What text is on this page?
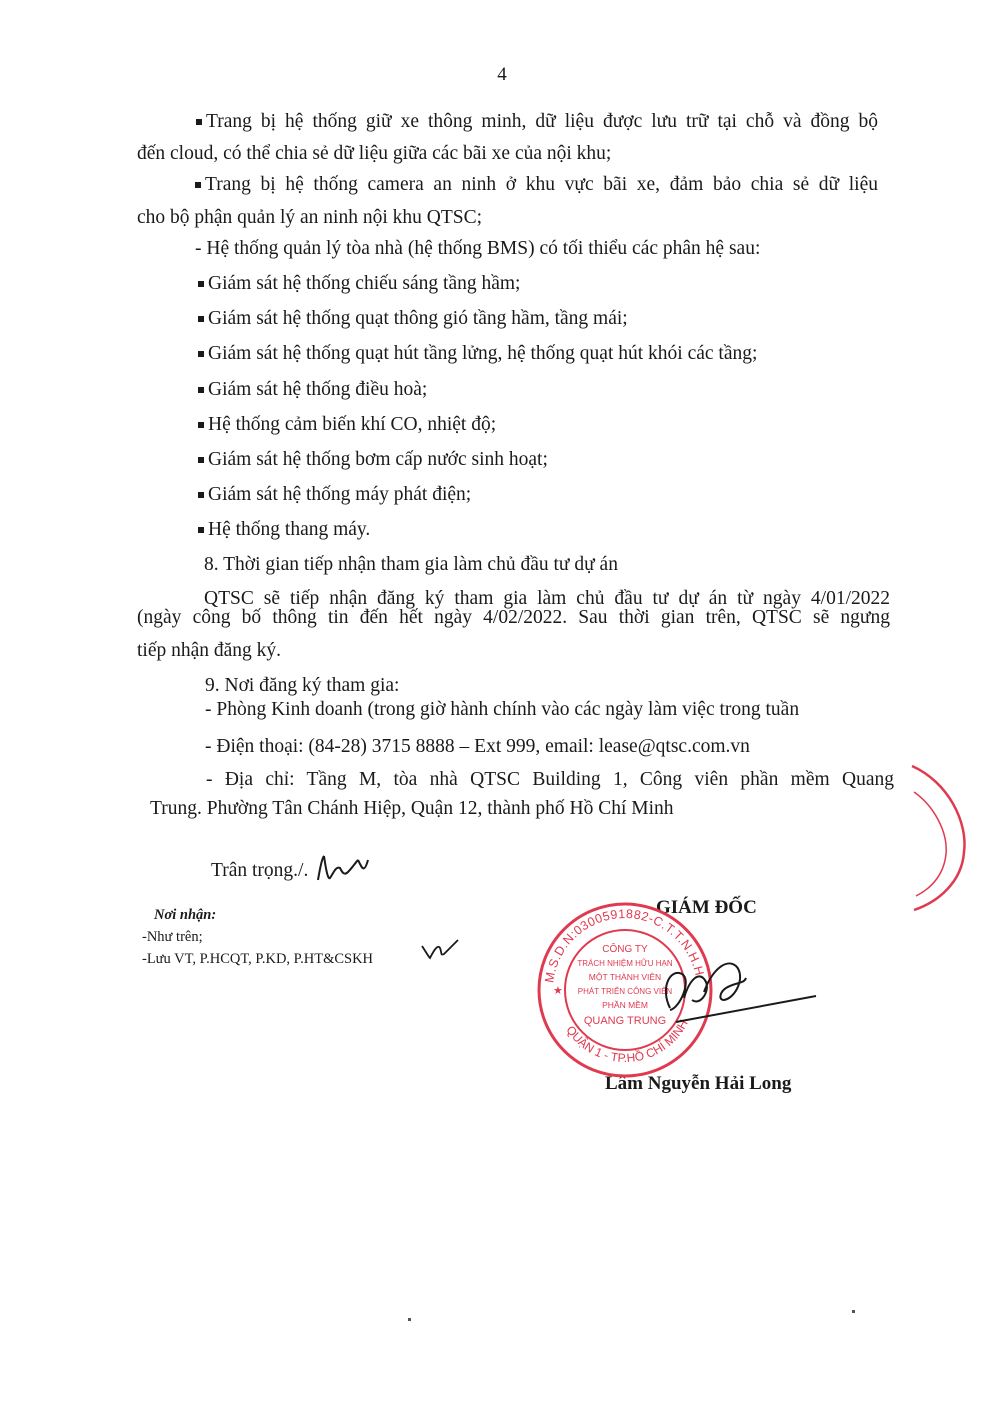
4
Trang bị hệ thống giữ xe thông minh, dữ liệu được lưu trữ tại chỗ và đồng bộ
đến cloud, có thể chia sẻ dữ liệu giữa các bãi xe của nội khu;
Trang bị hệ thống camera an ninh ở khu vực bãi xe, đảm bảo chia sẻ dữ liệu
cho bộ phận quản lý an ninh nội khu QTSC;
- Hệ thống quản lý tòa nhà (hệ thống BMS) có tối thiểu các phân hệ sau:
Giám sát hệ thống chiếu sáng tầng hầm;
Giám sát hệ thống quạt thông gió tầng hầm, tầng mái;
Giám sát hệ thống quạt hút tầng lửng, hệ thống quạt hút khói các tầng;
Giám sát hệ thống điều hoà;
Hệ thống cảm biến khí CO, nhiệt độ;
Giám sát hệ thống bơm cấp nước sinh hoạt;
Giám sát hệ thống máy phát điện;
Hệ thống thang máy.
8. Thời gian tiếp nhận tham gia làm chủ đầu tư dự án
QTSC sẽ tiếp nhận đăng ký tham gia làm chủ đầu tư dự án từ ngày 4/01/2022
(ngày công bố thông tin đến hết ngày 4/02/2022. Sau thời gian trên, QTSC sẽ ngưng
tiếp nhận đăng ký.
9. Nơi đăng ký tham gia:
- Phòng Kinh doanh (trong giờ hành chính vào các ngày làm việc trong tuần
- Điện thoại: (84-28) 3715 8888 – Ext 999, email: lease@qtsc.com.vn
- Địa chỉ: Tầng M, tòa nhà QTSC Building 1, Công viên phần mềm Quang
Trung. Phường Tân Chánh Hiệp, Quận 12, thành phố Hồ Chí Minh
Trân trọng./.
Nơi nhận:
-Như trên;
-Lưu VT, P.HCQT, P.KD, P.HT&CSKH
GIÁM ĐỐC
Lâm Nguyễn Hải Long
M.S.D.N:0300591882-C.T.T.N.H.H
QUẬN 1 - TP.HỒ CHÍ MINH
CÔNG TY
TRÁCH NHIỆM HỮU HẠN
MỘT THÀNH VIÊN
PHÁT TRIỂN CÔNG VIÊN
PHẦN MỀM
QUANG TRUNG
★
